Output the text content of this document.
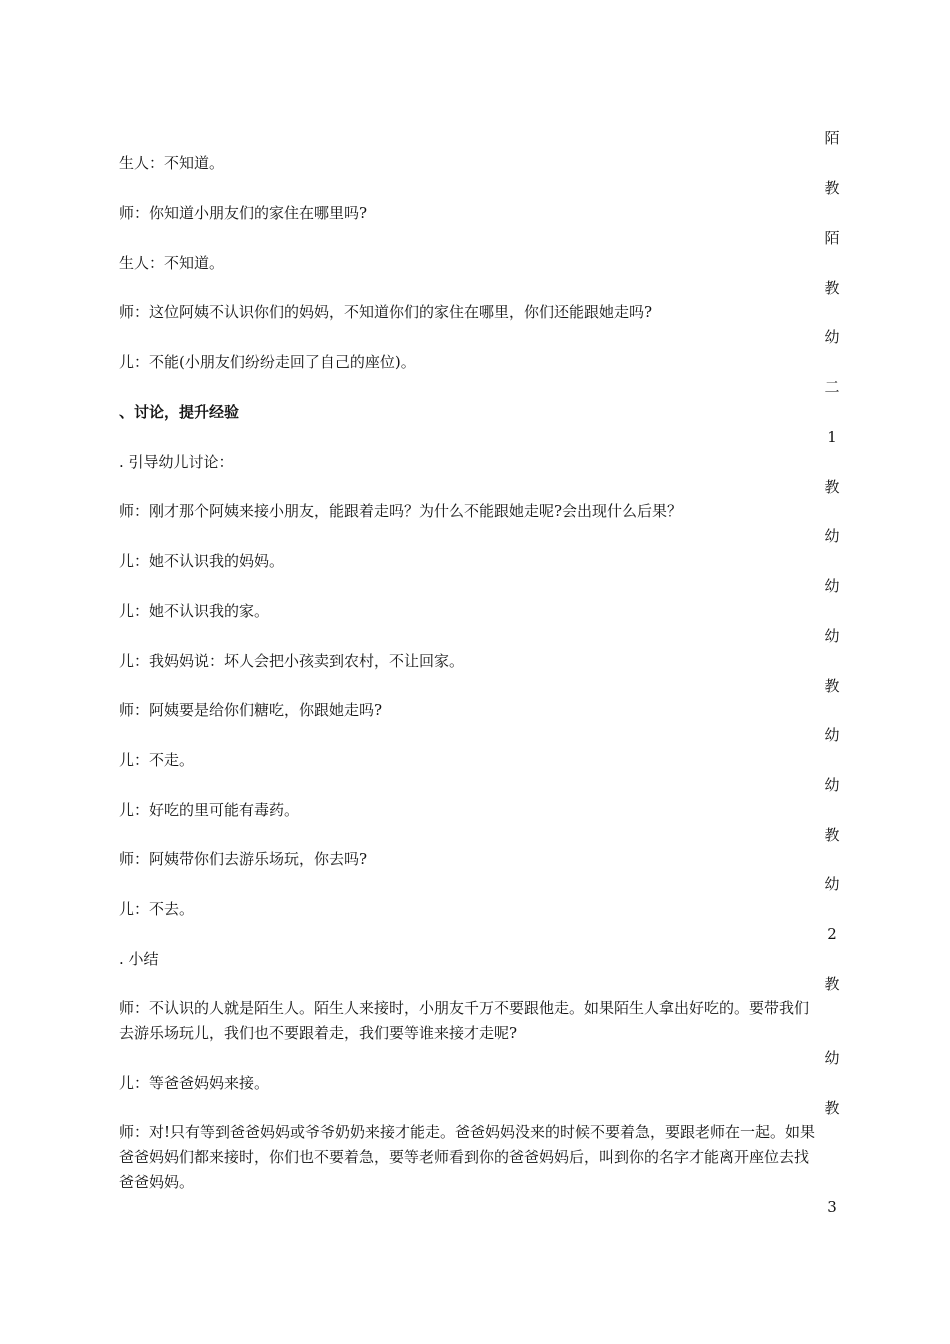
生人：不知道。
师：你知道小朋友们的家住在哪里吗?
生人：不知道。
师：这位阿姨不认识你们的妈妈，不知道你们的家住在哪里，你们还能跟她走吗?
儿：不能(小朋友们纷纷走回了自己的座位)。
、讨论，提升经验
. 引导幼儿讨论：
师：刚才那个阿姨来接小朋友，能跟着走吗？为什么不能跟她走呢?会出现什么后果？
儿：她不认识我的妈妈。
儿：她不认识我的家。
儿：我妈妈说：坏人会把小孩卖到农村，不让回家。
师：阿姨要是给你们糖吃，你跟她走吗?
儿：不走。
儿：好吃的里可能有毒药。
师：阿姨带你们去游乐场玩，你去吗?
儿：不去。
. 小结
师：不认识的人就是陌生人。陌生人来接时，小朋友千万不要跟他走。如果陌生人拿出好吃的。要带我们去游乐场玩儿，我们也不要跟着走，我们要等谁来接才走呢?
儿：等爸爸妈妈来接。
师：对!只有等到爸爸妈妈或爷爷奶奶来接才能走。爸爸妈妈没来的时候不要着急，要跟老师在一起。如果爸爸妈妈们都来接时，你们也不要着急，要等老师看到你的爸爸妈妈后，叫到你的名字才能离开座位去找爸爸妈妈。
陌
教
陌
教
幼
二
1
教
幼
幼
幼
教
幼
幼
教
幼
2
教
幼
教
3
